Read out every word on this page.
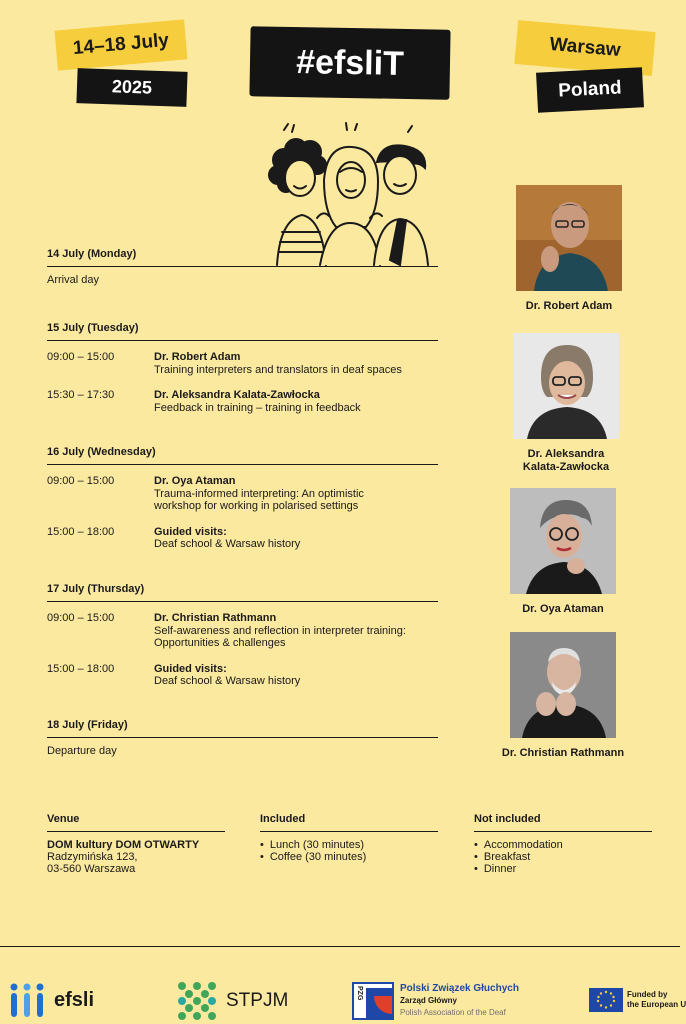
14–18 July
2025
#efsliT	Warsaw
Poland
14 July (Monday)
Arrival day
15 July (Tuesday)
09:00 – 15:00	Dr. Robert Adam
Training interpreters and translators in deaf spaces
15:30 – 17:30	Dr. Aleksandra Kalata-Zawłocka
Feedback in training – training in feedback
16 July (Wednesday)
09:00 – 15:00	Dr. Oya Ataman
Trauma-informed interpreting: An optimistic
workshop for working in polarised settings
15:00 – 18:00	Guided visits:
Deaf school & Warsaw history
17 July (Thursday)
09:00 – 15:00	Dr. Christian Rathmann
Self-awareness and reflection in interpreter training:
Opportunities & challenges
15:00 – 18:00	Guided visits:
Deaf school & Warsaw history
18 July (Friday)
Departure day
Dr. Robert Adam
Dr. Aleksandra
Kalata-Zawłocka
Dr. Oya Ataman
Dr. Christian Rathmann
Venue
DOM kultury DOM OTWARTY
Radzymińska 123,
03-560 Warszawa
Included
• Lunch (30 minutes)
• Coffee (30 minutes)
Not included
• Accommodation
• Breakfast
• Dinner
efsli	STPJM	PZG	Polski Związek Głuchych
Zarząd Główny
Polish Association of the Deaf
Funded by
the European U
